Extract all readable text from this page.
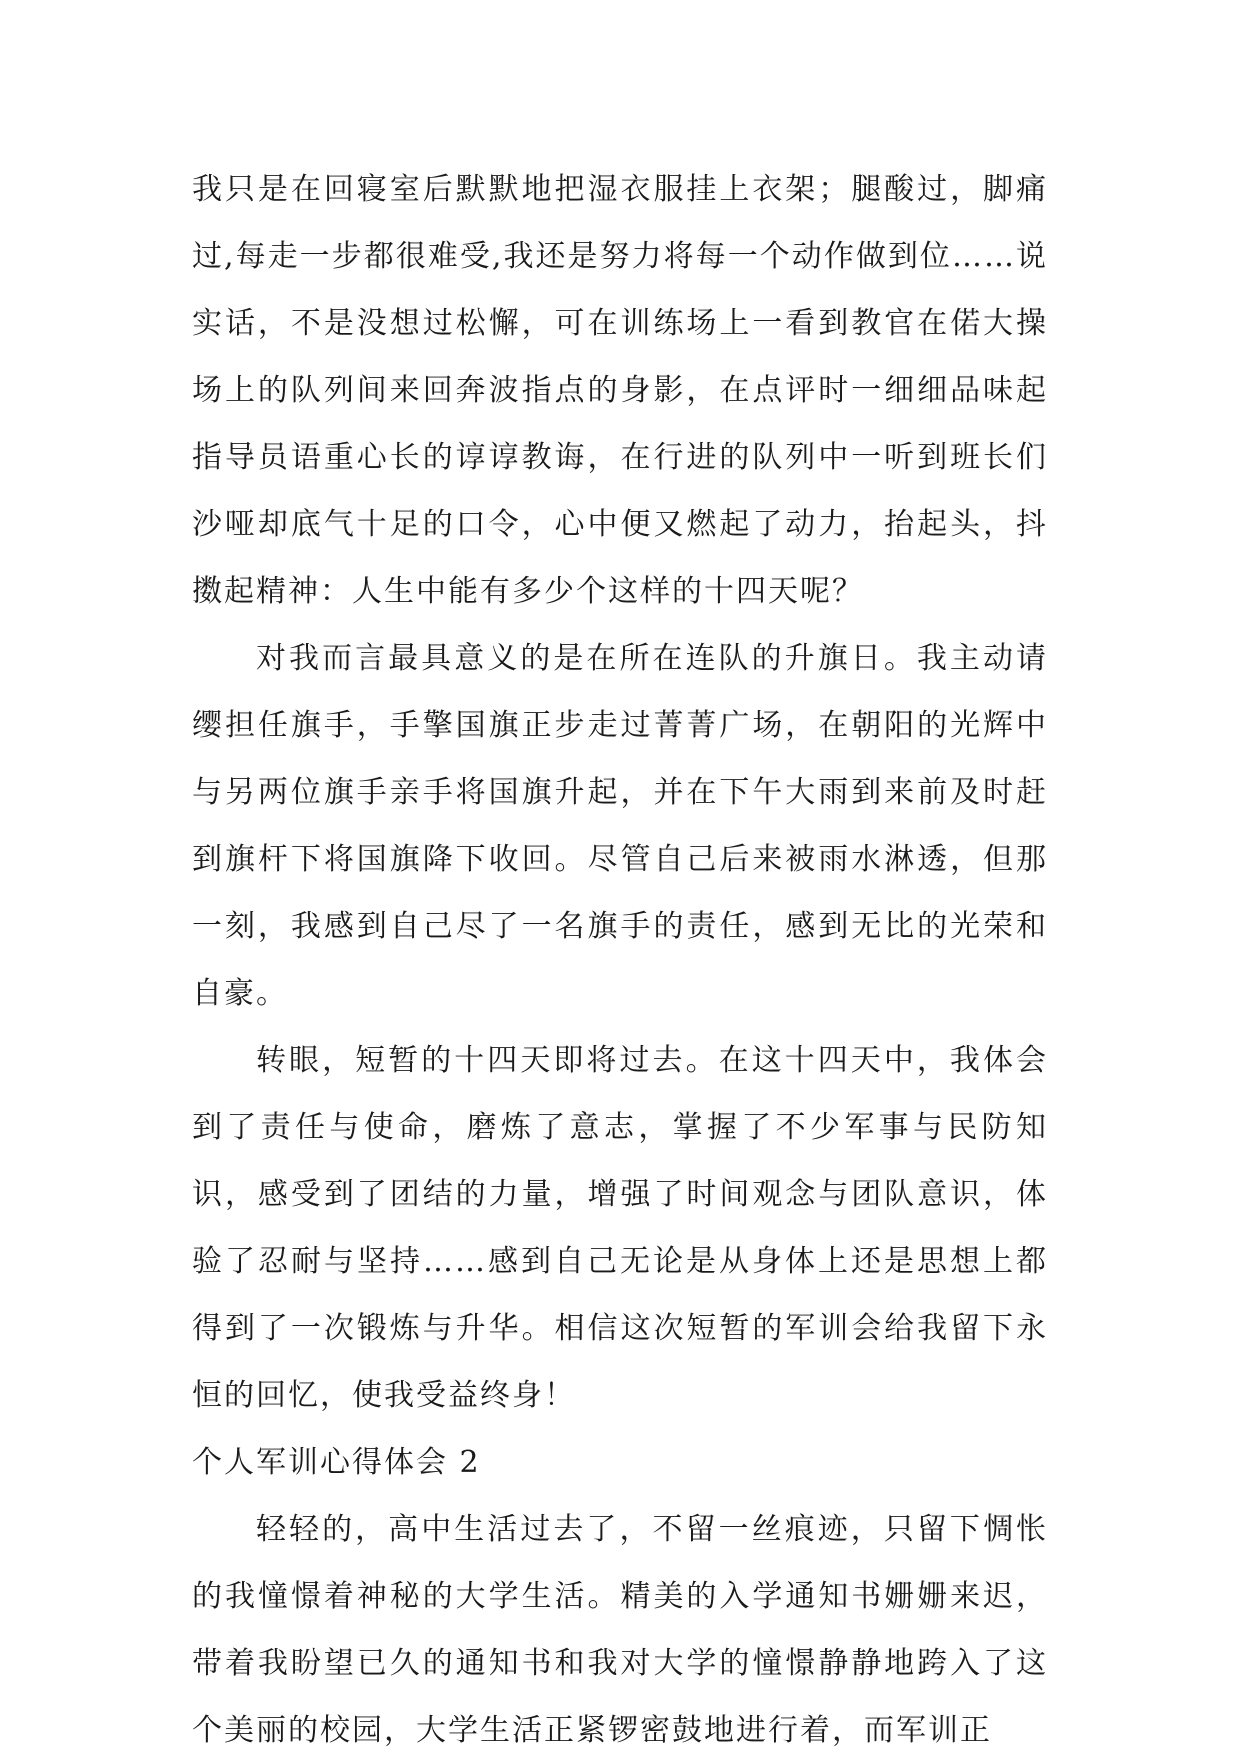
我只是在回寝室后默默地把湿衣服挂上衣架；腿酸过，脚痛过,每走一步都很难受,我还是努力将每一个动作做到位……说实话，不是没想过松懈，可在训练场上一看到教官在偌大操场上的队列间来回奔波指点的身影，在点评时一细细品味起指导员语重心长的谆谆教诲，在行进的队列中一听到班长们沙哑却底气十足的口令，心中便又燃起了动力，抬起头，抖擞起精神：人生中能有多少个这样的十四天呢？

对我而言最具意义的是在所在连队的升旗日。我主动请缨担任旗手，手擎国旗正步走过菁菁广场，在朝阳的光辉中与另两位旗手亲手将国旗升起，并在下午大雨到来前及时赶到旗杆下将国旗降下收回。尽管自己后来被雨水淋透，但那一刻，我感到自己尽了一名旗手的责任，感到无比的光荣和自豪。

转眼，短暂的十四天即将过去。在这十四天中，我体会到了责任与使命，磨炼了意志，掌握了不少军事与民防知识，感受到了团结的力量，增强了时间观念与团队意识，体验了忍耐与坚持……感到自己无论是从身体上还是思想上都得到了一次锻炼与升华。相信这次短暂的军训会给我留下永恒的回忆，使我受益终身！

个人军训心得体会 2

轻轻的，高中生活过去了，不留一丝痕迹，只留下惆怅的我憧憬着神秘的大学生活。精美的入学通知书姗姗来迟，带着我盼望已久的通知书和我对大学的憧憬静静地跨入了这个美丽的校园，大学生活正紧锣密鼓地进行着，而军训正
